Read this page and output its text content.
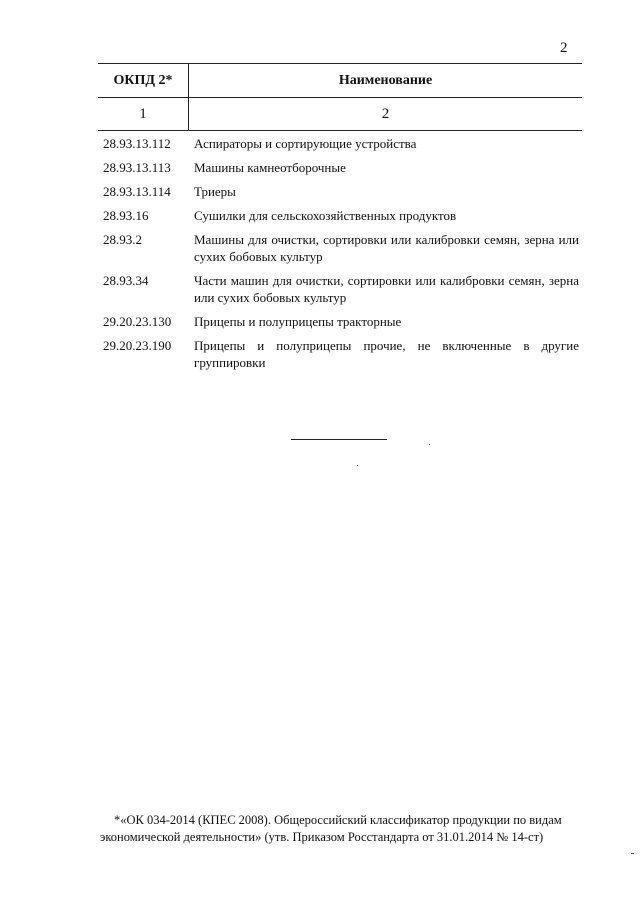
2
ОКПД 2*	Наименование
1	2
28.93.13.112	Аспираторы и сортирующие устройства
28.93.13.113	Машины камнеотборочные
28.93.13.114	Триеры
28.93.16	Сушилки для сельскохозяйственных продуктов
28.93.2	Машины для очистки, сортировки или калибровки семян, зерна или сухих бобовых культур
28.93.34	Части машин для очистки, сортировки или калибровки семян, зерна или сухих бобовых культур
29.20.23.130	Прицепы и полуприцепы тракторные
29.20.23.190	Прицепы и полуприцепы прочие, не включенные в другие группировки
*«ОК 034-2014 (КПЕС 2008). Общероссийский классификатор продукции по видам
экономической деятельности» (утв. Приказом Росстандарта от 31.01.2014 № 14-ст)
